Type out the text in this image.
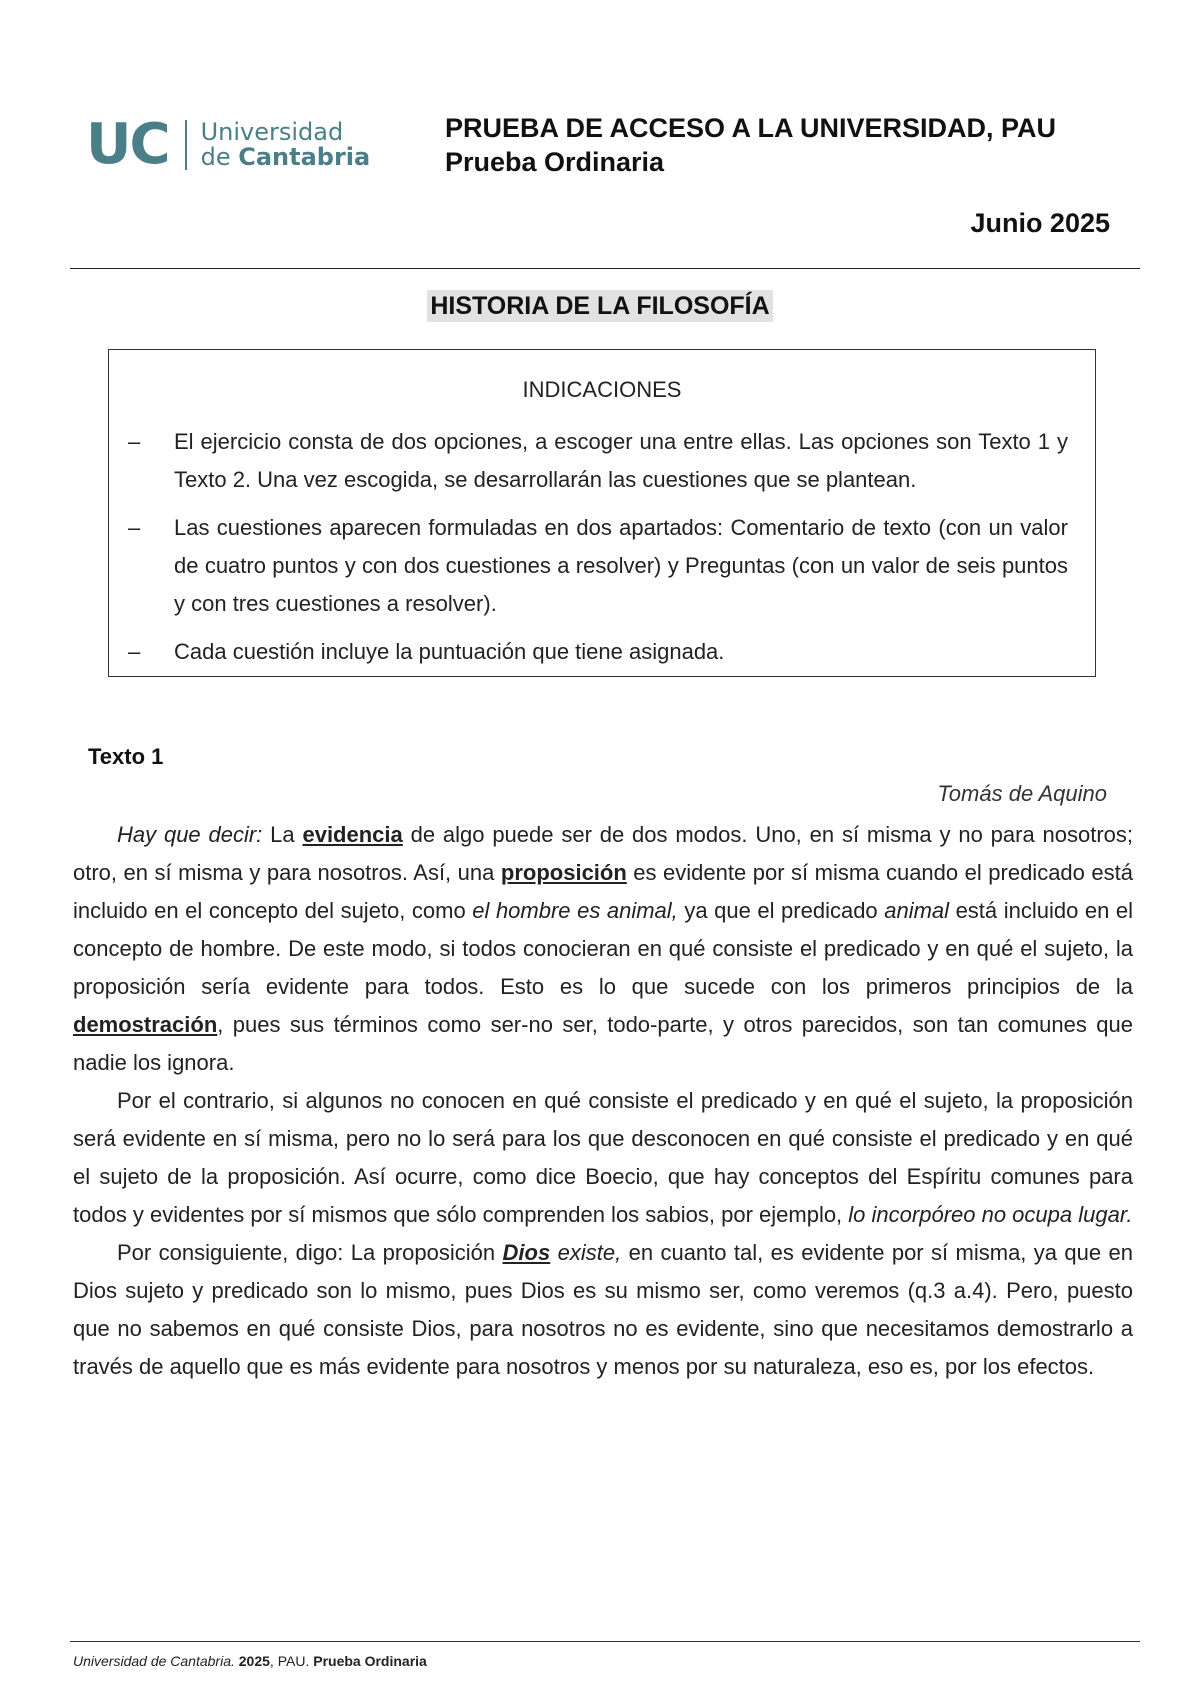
UC Universidad
de Cantabria
PRUEBA DE ACCESO A LA UNIVERSIDAD, PAU
Prueba Ordinaria
Junio 2025
HISTORIA DE LA FILOSOFÍA
INDICACIONES
– El ejercicio consta de dos opciones, a escoger una entre ellas. Las opciones son Texto 1 y Texto 2. Una vez escogida, se desarrollarán las cuestiones que se plantean.
– Las cuestiones aparecen formuladas en dos apartados: Comentario de texto (con un valor de cuatro puntos y con dos cuestiones a resolver) y Preguntas (con un valor de seis puntos y con tres cuestiones a resolver).
– Cada cuestión incluye la puntuación que tiene asignada.
Texto 1
Tomás de Aquino

Hay que decir: La evidencia de algo puede ser de dos modos. Uno, en sí misma y no para nosotros; otro, en sí misma y para nosotros. Así, una proposición es evidente por sí misma cuando el predicado está incluido en el concepto del sujeto, como el hombre es animal, ya que el predicado animal está incluido en el concepto de hombre. De este modo, si todos conocieran en qué consiste el predicado y en qué el sujeto, la proposición sería evidente para todos. Esto es lo que sucede con los primeros principios de la demostración, pues sus términos como ser-no ser, todo-parte, y otros parecidos, son tan comunes que nadie los ignora.

Por el contrario, si algunos no conocen en qué consiste el predicado y en qué el sujeto, la proposición será evidente en sí misma, pero no lo será para los que desconocen en qué consiste el predicado y en qué el sujeto de la proposición. Así ocurre, como dice Boecio, que hay conceptos del Espíritu comunes para todos y evidentes por sí mismos que sólo comprenden los sabios, por ejemplo, lo incorpóreo no ocupa lugar.

Por consiguiente, digo: La proposición Dios existe, en cuanto tal, es evidente por sí misma, ya que en Dios sujeto y predicado son lo mismo, pues Dios es su mismo ser, como veremos (q.3 a.4). Pero, puesto que no sabemos en qué consiste Dios, para nosotros no es evidente, sino que necesitamos demostrarlo a través de aquello que es más evidente para nosotros y menos por su naturaleza, eso es, por los efectos.

Universidad de Cantabria. 2025, PAU. Prueba Ordinaria
